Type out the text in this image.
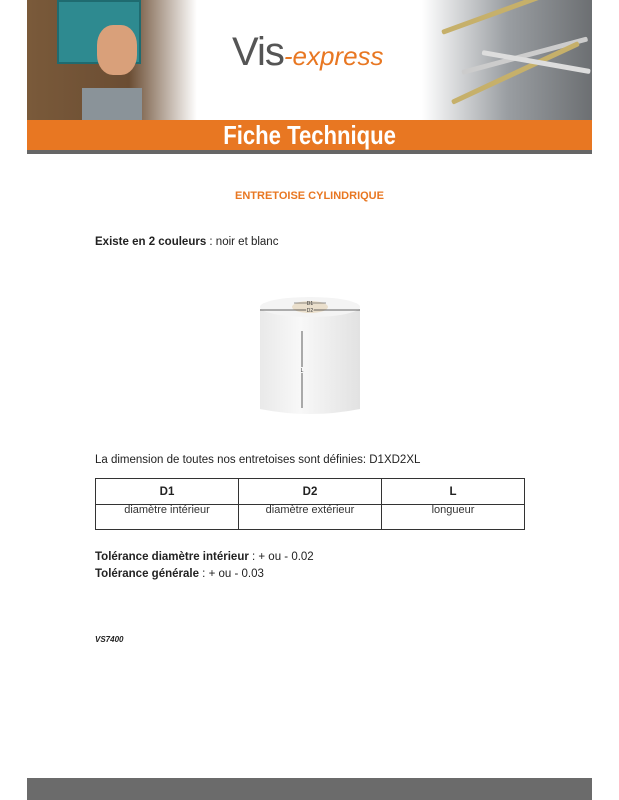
Vis-express
Fiche Technique
ENTRETOISE CYLINDRIQUE
Existe en 2 couleurs : noir et blanc
D1
D2
L
La dimension de toutes nos entretoises sont définies: D1XD2XL
D1	D2	L
diamètre intérieur	diamètre extérieur	longueur
Tolérance diamètre intérieur : + ou - 0.02
Tolérance générale : + ou - 0.03
VS7400
